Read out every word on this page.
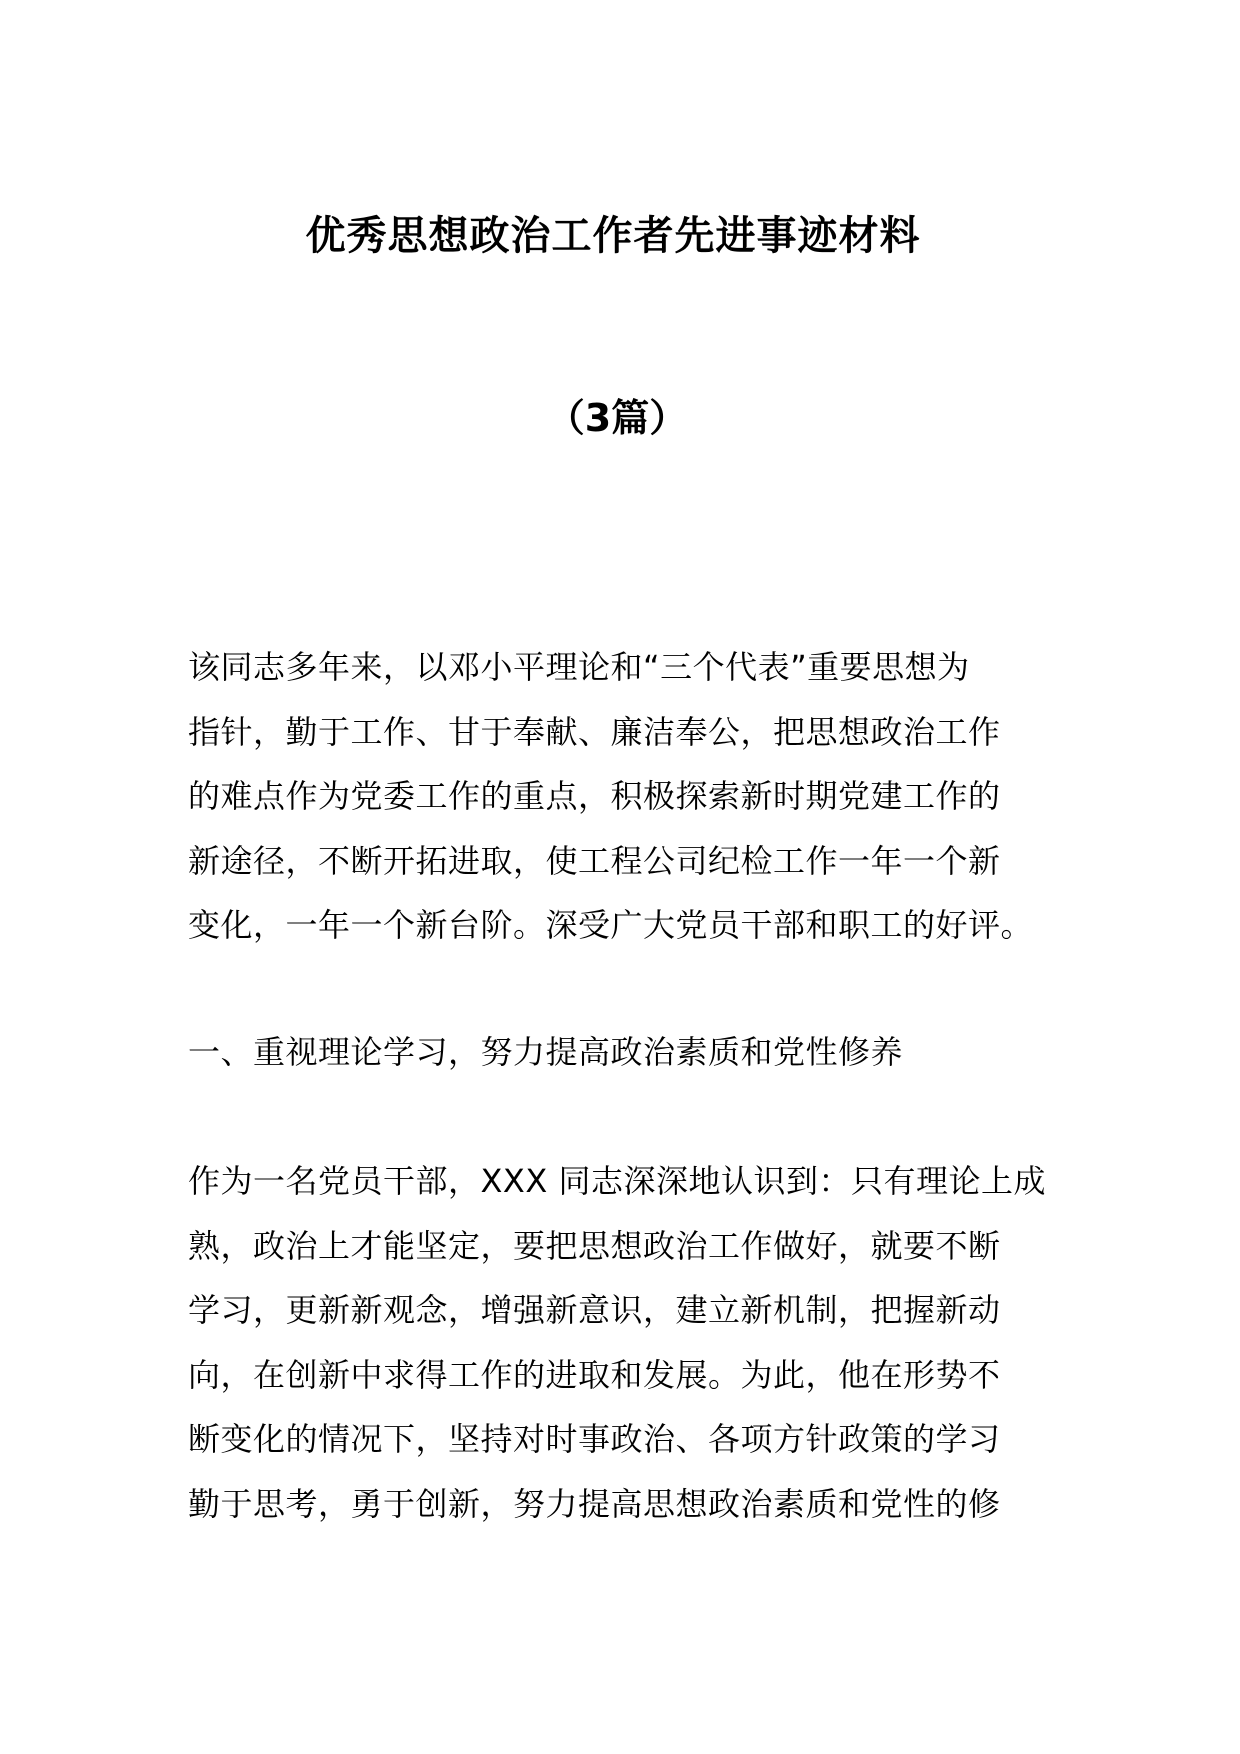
优秀思想政治工作者先进事迹材料
（3篇）

该同志多年来，以邓小平理论和“三个代表”重要思想为
指针，勤于工作、甘于奉献、廉洁奉公，把思想政治工作
的难点作为党委工作的重点，积极探索新时期党建工作的
新途径，不断开拓进取，使工程公司纪检工作一年一个新
变化，一年一个新台阶。深受广大党员干部和职工的好评。

一、重视理论学习，努力提高政治素质和党性修养

作为一名党员干部，XXX 同志深深地认识到：只有理论上成
熟，政治上才能坚定，要把思想政治工作做好，就要不断
学习，更新新观念，增强新意识，建立新机制，把握新动
向，在创新中求得工作的进取和发展。为此，他在形势不
断变化的情况下，坚持对时事政治、各项方针政策的学习
勤于思考，勇于创新，努力提高思想政治素质和党性的修
